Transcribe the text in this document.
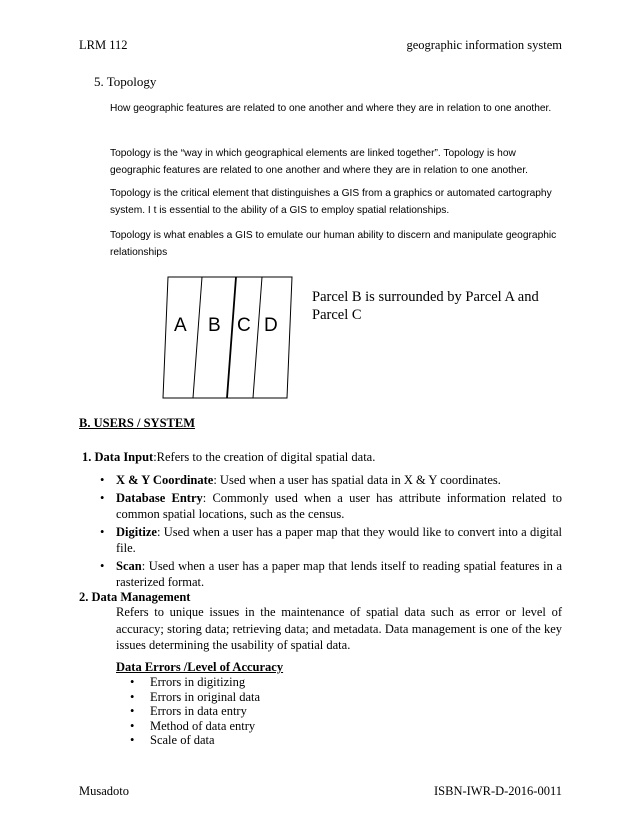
LRM 112	geographic information system
5. Topology
How geographic features are related to one another and where they are in relation to one another.
Topology is the “way in which geographical elements are linked together”. Topology is how geographic features are related to one another and where they are in relation to one another.
Topology is the critical element that distinguishes a GIS from a graphics or automated cartography system. I t is essential to the ability of a GIS to employ spatial relationships.
Topology is what enables a GIS to emulate our human ability to discern and manipulate geographic relationships
A B C D
Parcel B is surrounded by Parcel A and Parcel C
B. USERS / SYSTEM
1. Data Input:Refers to the creation of digital spatial data.
• X & Y Coordinate: Used when a user has spatial data in X & Y coordinates.
• Database Entry: Commonly used when a user has attribute information related to common spatial locations, such as the census.
• Digitize: Used when a user has a paper map that they would like to convert into a digital file.
• Scan: Used when a user has a paper map that lends itself to reading spatial features in a rasterized format.
2. Data Management
Refers to unique issues in the maintenance of spatial data such as error or level of accuracy; storing data; retrieving data; and metadata. Data management is one of the key issues determining the usability of spatial data.
Data Errors /Level of Accuracy
• Errors in digitizing
• Errors in original data
• Errors in data entry
• Method of data entry
• Scale of data
Musadoto	ISBN-IWR-D-2016-0011
